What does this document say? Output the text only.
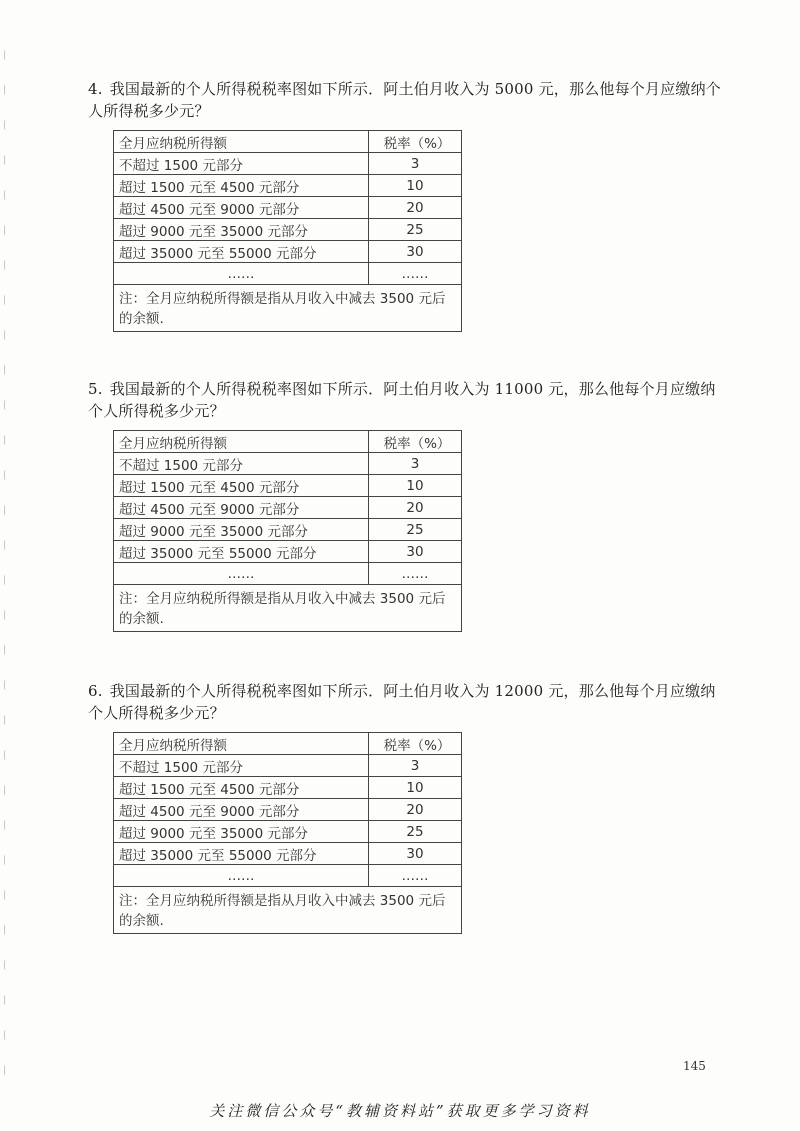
4. 我国最新的个人所得税税率图如下所示．阿土伯月收入为 5000 元，那么他每个月应缴纳个人所得税多少元？

全月应纳税所得额	税率（%）
不超过 1500 元部分	3
超过 1500 元至 4500 元部分	10
超过 4500 元至 9000 元部分	20
超过 9000 元至 35000 元部分	25
超过 35000 元至 55000 元部分	30
……	……
注：全月应纳税所得额是指从月收入中减去 3500 元后的余额.	

5. 我国最新的个人所得税税率图如下所示．阿土伯月收入为 11000 元，那么他每个月应缴纳个人所得税多少元？

全月应纳税所得额	税率（%）
不超过 1500 元部分	3
超过 1500 元至 4500 元部分	10
超过 4500 元至 9000 元部分	20
超过 9000 元至 35000 元部分	25
超过 35000 元至 55000 元部分	30
……	……
注：全月应纳税所得额是指从月收入中减去 3500 元后的余额.	

6. 我国最新的个人所得税税率图如下所示．阿土伯月收入为 12000 元，那么他每个月应缴纳个人所得税多少元？

全月应纳税所得额	税率（%）
不超过 1500 元部分	3
超过 1500 元至 4500 元部分	10
超过 4500 元至 9000 元部分	20
超过 9000 元至 35000 元部分	25
超过 35000 元至 55000 元部分	30
……	……
注：全月应纳税所得额是指从月收入中减去 3500 元后的余额.	
145
关注微信公众号“教辅资料站”获取更多学习资料
